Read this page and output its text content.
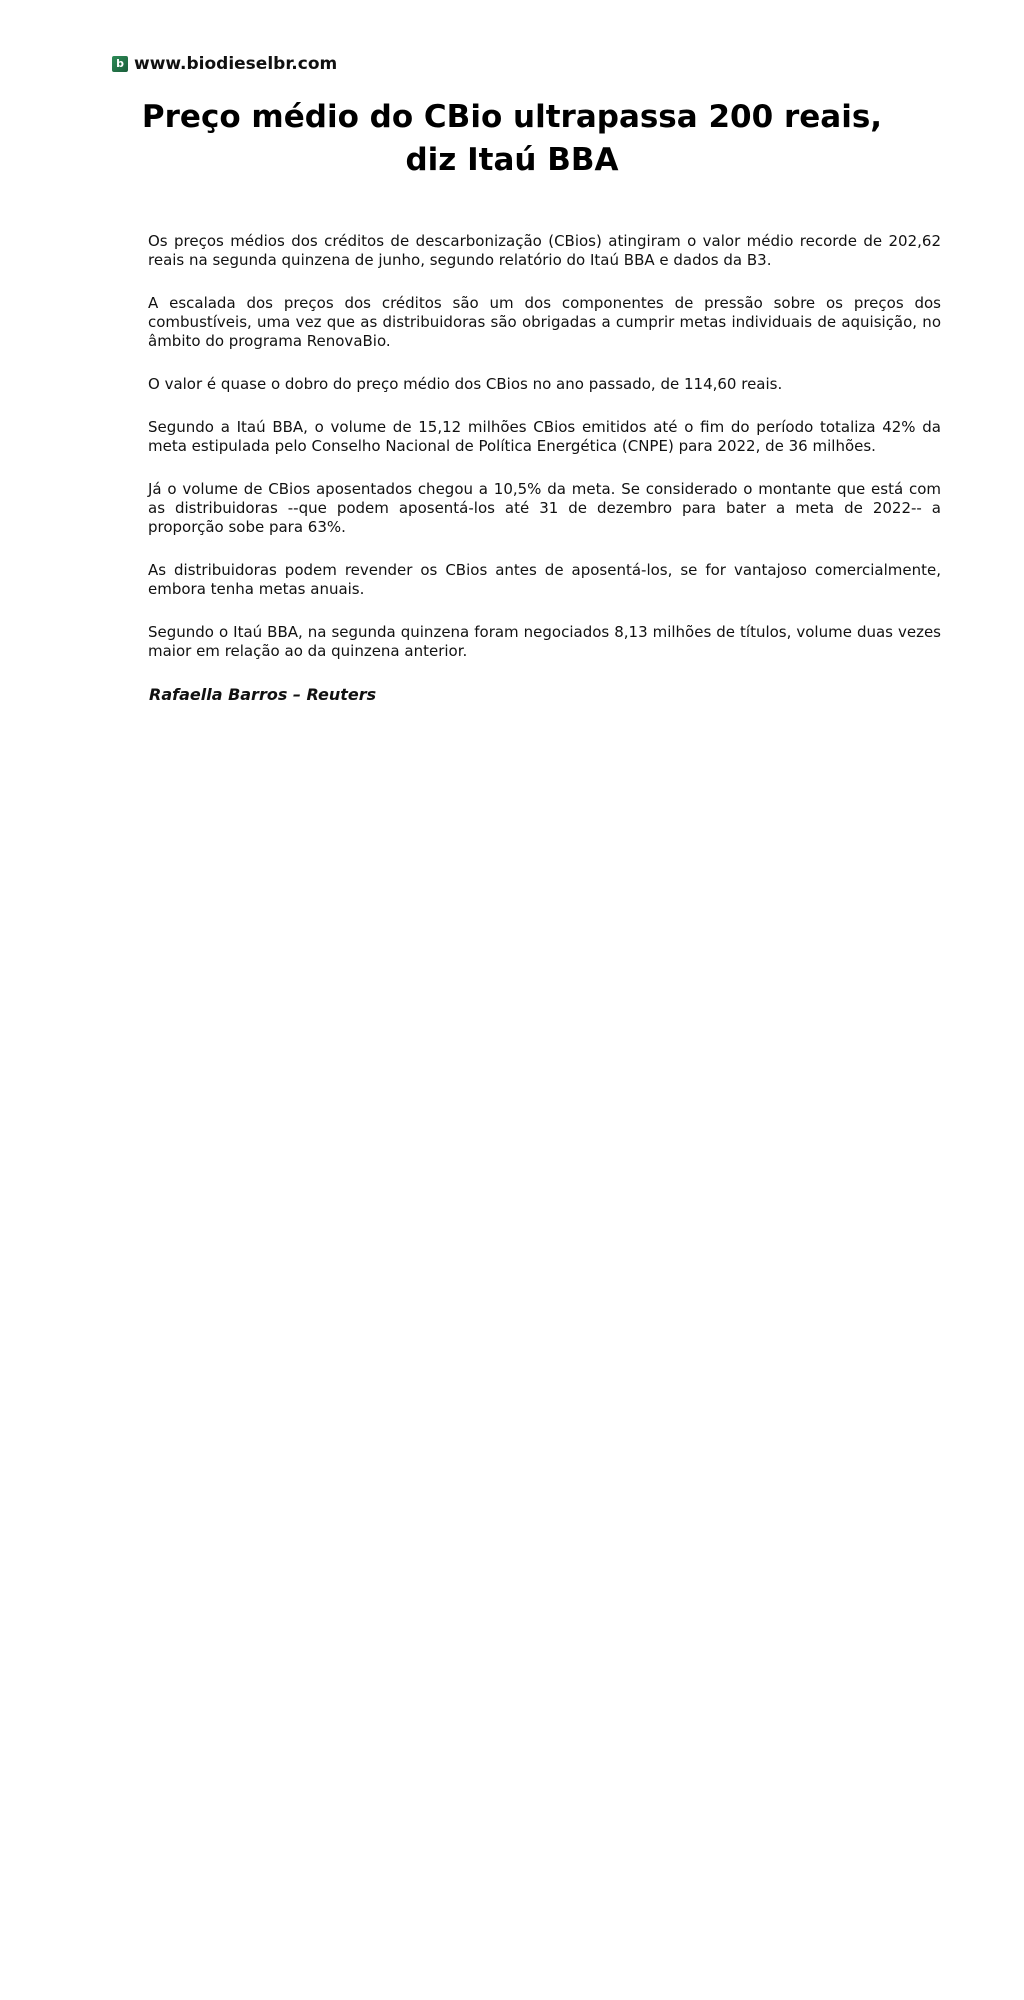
b www.biodieselbr.com
Preço médio do CBio ultrapassa 200 reais, diz Itaú BBA

Os preços médios dos créditos de descarbonização (CBios) atingiram o valor médio recorde de 202,62 reais na segunda quinzena de junho, segundo relatório do Itaú BBA e dados da B3.

A escalada dos preços dos créditos são um dos componentes de pressão sobre os preços dos combustíveis, uma vez que as distribuidoras são obrigadas a cumprir metas individuais de aquisição, no âmbito do programa RenovaBio.

O valor é quase o dobro do preço médio dos CBios no ano passado, de 114,60 reais.

Segundo a Itaú BBA, o volume de 15,12 milhões CBios emitidos até o fim do período totaliza 42% da meta estipulada pelo Conselho Nacional de Política Energética (CNPE) para 2022, de 36 milhões.

Já o volume de CBios aposentados chegou a 10,5% da meta. Se considerado o montante que está com as distribuidoras --que podem aposentá-los até 31 de dezembro para bater a meta de 2022-- a proporção sobe para 63%.

As distribuidoras podem revender os CBios antes de aposentá-los, se for vantajoso comercialmente, embora tenha metas anuais.

Segundo o Itaú BBA, na segunda quinzena foram negociados 8,13 milhões de títulos, volume duas vezes maior em relação ao da quinzena anterior.

Rafaella Barros – Reuters
